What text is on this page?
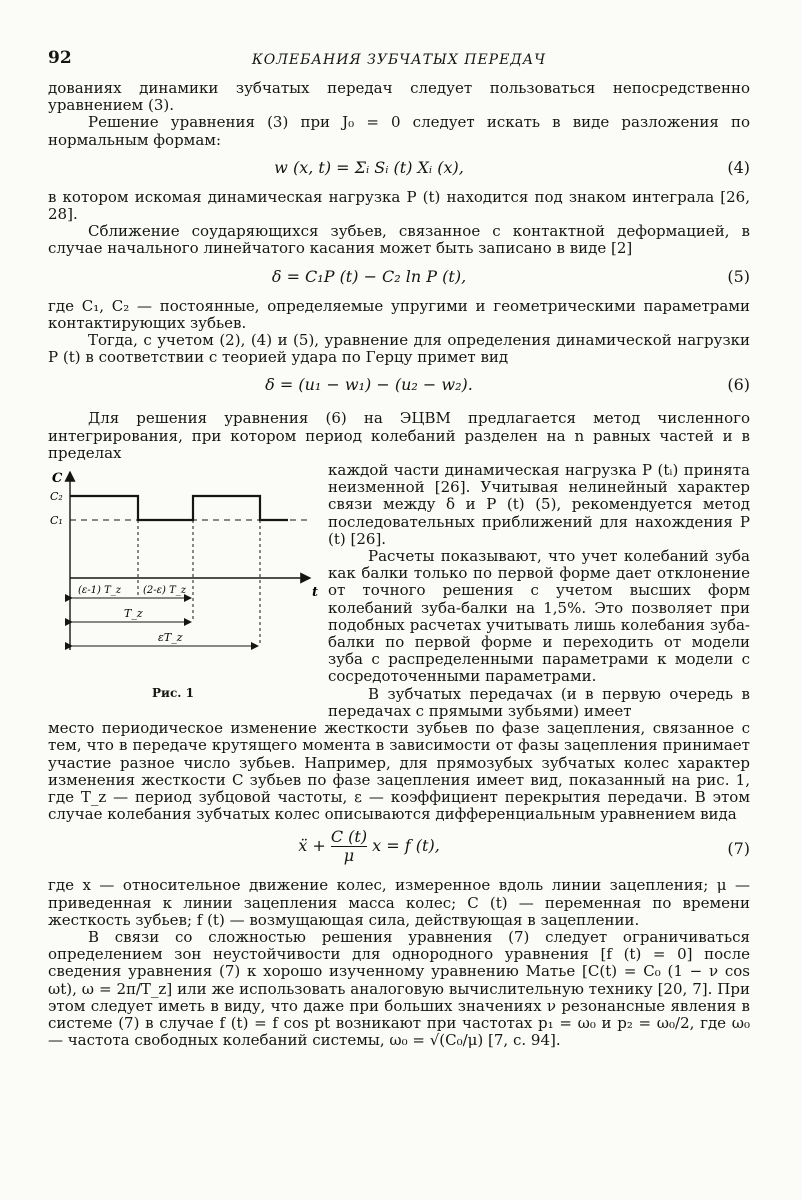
92	КОЛЕБАНИЯ ЗУБЧАТЫХ ПЕРЕДАЧ

дованиях динамики зубчатых передач следует пользоваться непосредственно уравнением (3).

Решение уравнения (3) при J₀ = 0 следует искать в виде разложения по нормальным формам:

w (x, t) = Σᵢ Sᵢ (t) Xᵢ (x),	(4)

в котором искомая динамическая нагрузка P (t) находится под знаком интеграла [26, 28].

Сближение соударяющихся зубьев, связанное с контактной деформацией, в случае начального линейчатого касания может быть записано в виде [2]

δ = C₁P (t) − C₂ ln P (t),	(5)

где C₁, C₂ — постоянные, определяемые упругими и геометрическими параметрами контактирующих зубьев.

Тогда, с учетом (2), (4) и (5), уравнение для определения динамической нагрузки P (t) в соответствии с теорией удара по Герцу примет вид

δ = (u₁ − w₁) − (u₂ − w₂).	(6)

Для решения уравнения (6) на ЭЦВМ предлагается метод численного интегрирования, при котором период колебаний разделен на n равных частей и в пределах

C
t
C₂
C₁
(ε-1) T_z (2-ε) T_z
T_z
εT_z
Рис. 1

каждой части динамическая нагрузка P (tᵢ) принята неизменной [26]. Учитывая нелинейный характер связи между δ и P (t) (5), рекомендуется метод последовательных приближений для нахождения P (t) [26].

Расчеты показывают, что учет колебаний зуба как балки только по первой форме дает отклонение от точного решения с учетом высших форм колебаний зуба-балки на 1,5%. Это позволяет при подобных расчетах учитывать лишь колебания зуба-балки по первой форме и переходить от модели зуба с распределенными параметрами к модели с сосредоточенными параметрами.

В зубчатых передачах (и в первую очередь в передачах с прямыми зубьями) имеет

место периодическое изменение жесткости зубьев по фазе зацепления, связанное с тем, что в передаче крутящего момента в зависимости от фазы зацепления принимает участие разное число зубьев. Например, для прямозубых зубчатых колес характер изменения жесткости C зубьев по фазе зацепления имеет вид, показанный на рис. 1, где T_z — период зубцовой частоты, ε — коэффициент перекрытия передачи. В этом случае колебания зубчатых колес описываются дифференциальным уравнением вида

ẍ + $\frac{C (t)}{\mu}$ x = f (t),	(7)

где x — относительное движение колес, измеренное вдоль линии зацепления; μ — приведенная к линии зацепления масса колес; C (t) — переменная по времени жесткость зубьев; f (t) — возмущающая сила, действующая в зацеплении.

В связи со сложностью решения уравнения (7) следует ограничиваться определением зон неустойчивости для однородного уравнения [f (t) = 0] после сведения уравнения (7) к хорошо изученному уравнению Матье [C(t) = C₀ (1 − ν cos ωt), ω = 2π/T_z] или же использовать аналоговую вычислительную технику [20, 7]. При этом следует иметь в виду, что даже при больших значениях ν резонансные явления в системе (7) в случае f (t) = f cos pt возникают при частотах p₁ = ω₀ и p₂ = ω₀/2, где ω₀ — частота свободных колебаний системы, ω₀ = √(C₀/μ) [7, с. 94].
